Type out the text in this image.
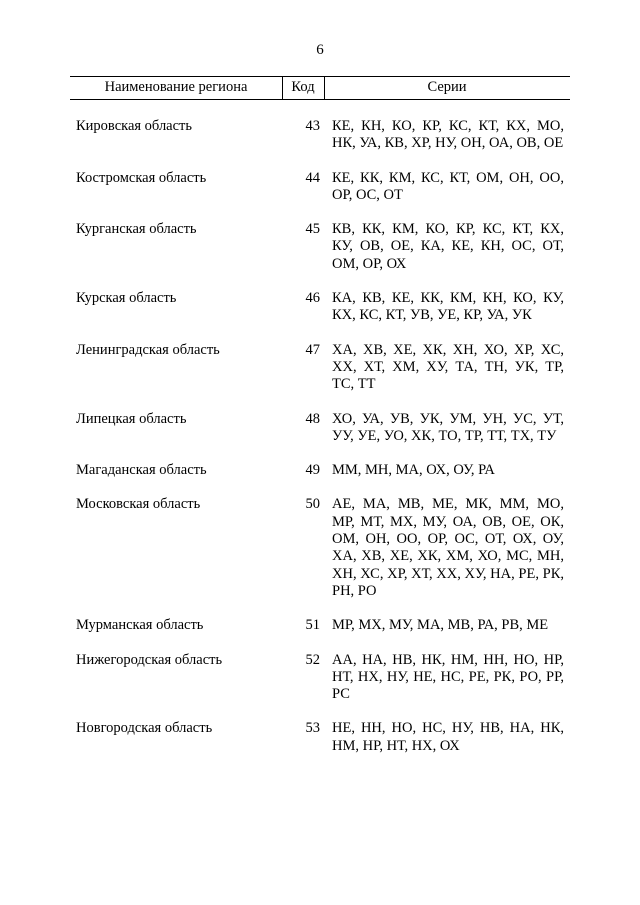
6
Наименование региона	Код	Серии
Кировская область	43 КЕ, КН, КО, КР, КС, КТ, КХ, МО, НК, УА, КВ, ХР, НУ, ОН, ОА, ОВ, ОЕ
Костромская область	44 КЕ, КК, КМ, КС, КТ, ОМ, ОН, ОО, ОР, ОС, ОТ
Курганская область	45 КВ, КК, КМ, КО, КР, КС, КТ, КХ, КУ, ОВ, ОЕ, КА, КЕ, КН, ОС, ОТ, ОМ, ОР, ОХ
Курская область	46 КА, КВ, КЕ, КК, КМ, КН, КО, КУ, КХ, КС, КТ, УВ, УЕ, КР, УА, УК
Ленинградская область	47 ХА, ХВ, ХЕ, ХК, ХН, ХО, ХР, ХС, ХХ, ХТ, ХМ, ХУ, ТА, ТН, УК, ТР, ТС, ТТ
Липецкая область	48 ХО, УА, УВ, УК, УМ, УН, УС, УТ, УУ, УЕ, УО, ХК, ТО, ТР, ТТ, ТХ, ТУ
Магаданская область	49 ММ, МН, МА, ОХ, ОУ, РА
Московская область	50 АЕ, МА, МВ, МЕ, МК, ММ, МО, МР, МТ, МХ, МУ, ОА, ОВ, ОЕ, ОК, ОМ, ОН, ОО, ОР, ОС, ОТ, ОХ, ОУ, ХА, ХВ, ХЕ, ХК, ХМ, ХО, МС, МН, ХН, ХС, ХР, ХТ, ХХ, ХУ, НА, РЕ, РК, РН, РО
Мурманская область	51 МР, МХ, МУ, МА, МВ, РА, РВ, МЕ
Нижегородская область	52 АА, НА, НВ, НК, НМ, НН, НО, НР, НТ, НХ, НУ, НЕ, НС, РЕ, РК, РО, РР, РС
Новгородская область	53 НЕ, НН, НО, НС, НУ, НВ, НА, НК, НМ, НР, НТ, НХ, ОХ
